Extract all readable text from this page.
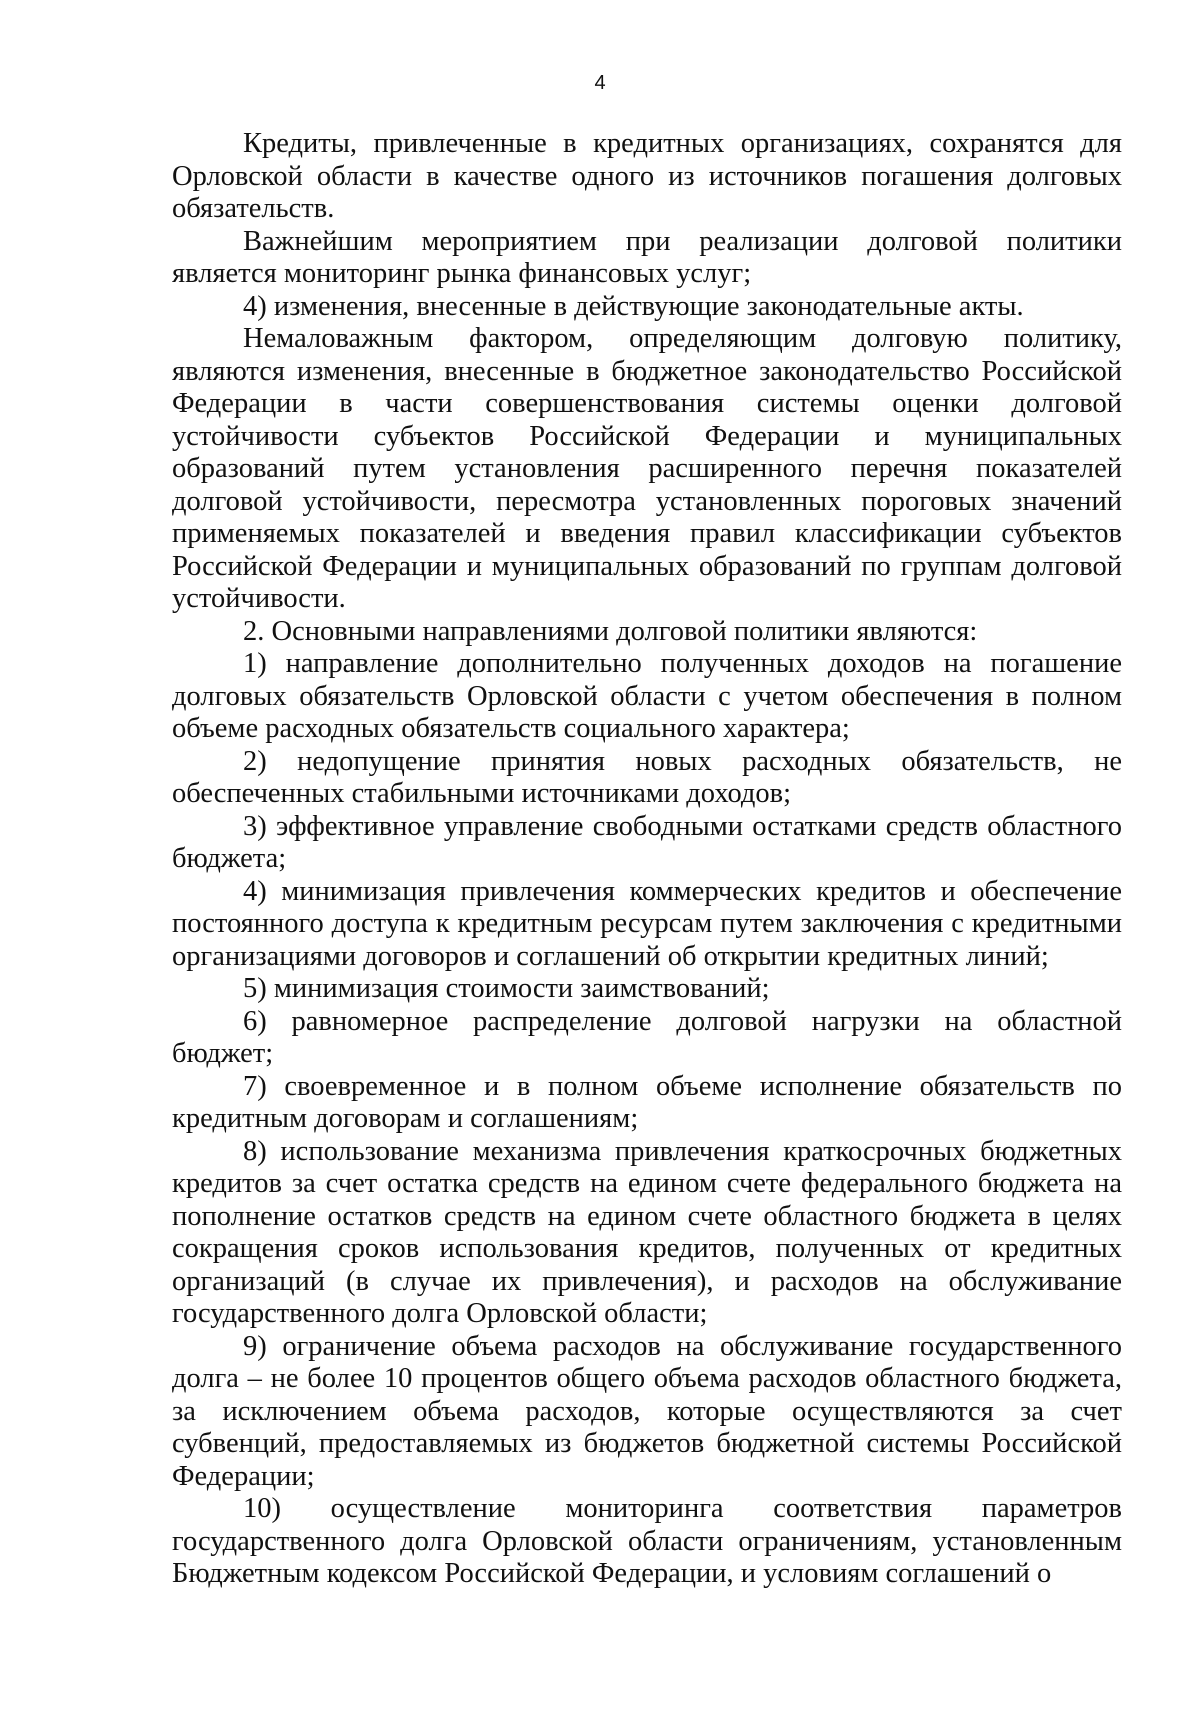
4

Кредиты, привлеченные в кредитных организациях, сохранятся для Орловской области в качестве одного из источников погашения долговых обязательств.

Важнейшим мероприятием при реализации долговой политики является мониторинг рынка финансовых услуг;

4) изменения, внесенные в действующие законодательные акты.

Немаловажным фактором, определяющим долговую политику, являются изменения, внесенные в бюджетное законодательство Российской Федерации в части совершенствования системы оценки долговой устойчивости субъектов Российской Федерации и муниципальных образований путем установления расширенного перечня показателей долговой устойчивости, пересмотра установленных пороговых значений применяемых показателей и введения правил классификации субъектов Российской Федерации и муниципальных образований по группам долговой устойчивости.

2. Основными направлениями долговой политики являются:

1) направление дополнительно полученных доходов на погашение долговых обязательств Орловской области с учетом обеспечения в полном объеме расходных обязательств социального характера;

2) недопущение принятия новых расходных обязательств, не обеспеченных стабильными источниками доходов;

3) эффективное управление свободными остатками средств областного бюджета;

4) минимизация привлечения коммерческих кредитов и обеспечение постоянного доступа к кредитным ресурсам путем заключения с кредитными организациями договоров и соглашений об открытии кредитных линий;

5) минимизация стоимости заимствований;

6) равномерное распределение долговой нагрузки на областной бюджет;

7) своевременное и в полном объеме исполнение обязательств по кредитным договорам и соглашениям;

8) использование механизма привлечения краткосрочных бюджетных кредитов за счет остатка средств на едином счете федерального бюджета на пополнение остатков средств на едином счете областного бюджета в целях сокращения сроков использования кредитов, полученных от кредитных организаций (в случае их привлечения), и расходов на обслуживание государственного долга Орловской области;

9) ограничение объема расходов на обслуживание государственного долга – не более 10 процентов общего объема расходов областного бюджета, за исключением объема расходов, которые осуществляются за счет субвенций, предоставляемых из бюджетов бюджетной системы Российской Федерации;

10) осуществление мониторинга соответствия параметров государственного долга Орловской области ограничениям, установленным Бюджетным кодексом Российской Федерации, и условиям соглашений о
